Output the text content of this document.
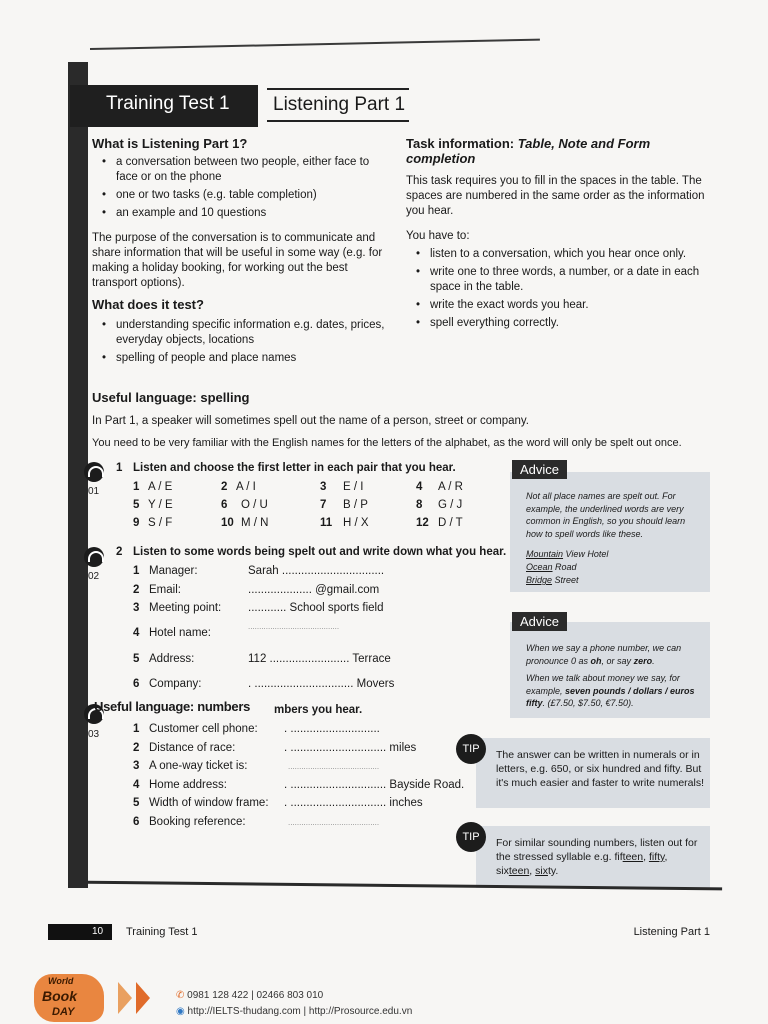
Training Test 1 Listening Part 1
What is Listening Part 1?
• a conversation between two people, either face to face or on the phone
• one or two tasks (e.g. table completion)
• an example and 10 questions

The purpose of the conversation is to communicate and share information that will be useful in some way (e.g. for making a holiday booking, for working out the best transport options).

What does it test?
• understanding specific information e.g. dates, prices, everyday objects, locations
• spelling of people and place names
Task information: Table, Note and Form completion

This task requires you to fill in the spaces in the table. The spaces are numbered in the same order as the information you hear.

You have to:

• listen to a conversation, which you hear once only.
• write one to three words, a number, or a date in each space in the table.
• write the exact words you hear.
• spell everything correctly.
Useful language: spelling

In Part 1, a speaker will sometimes spell out the name of a person, street or company.

You need to be very familiar with the English names for the letters of the alphabet, as the word will only be spelt out once.

01
1 Listen and choose the first letter in each pair that you hear.
1 A / E	2 A / I	3 E / I	4 A / R
5 Y / E	6 O / U	7 B / P	8 G / J
9 S / F	10 M / N	11 H / X	12 D / T
02
2 Listen to some words being spelt out and write down what you hear.
1 Manager:	Sarah ................................
2 Email:	.................... @gmail.com
3 Meeting point: ............ School sports field
4 Hotel name:
.........................................
5 Address:	112 ......................... Terrace
6 Company:	. ............................... Movers
03
Useful language: numbers mbers you hear.
1 Customer cell phone: . ............................
2 Distance of race:	. .............................. miles
3 A one-way ticket is:	.........................................
4 Home address:	. .............................. Bayside Road.
5 Width of window frame: . .............................. inches
6 Booking reference:	.........................................
Advice
Not all place names are spelt out. For example, the underlined words are very common in English, so you should learn how to spell words like these.
Mountain View Hotel
Ocean Road
Bridge Street
Advice
When we say a phone number, we can pronounce 0 as oh, or say zero.
When we talk about money we say, for example, seven pounds / dollars / euros fifty. (£7.50, $7.50, €7.50).
TIP	The answer can be written in numerals or in letters, e.g. 650, or six hundred and fifty. But it's much easier and faster to write numerals!
TIP	For similar sounding numbers, listen out for the stressed syllable e.g. fifteen, fifty, sixteen, sixty.
10 Training Test 1	Listening Part 1
World
Book
DAY
✆ 0981 128 422 | 02466 803 010
◉ http://IELTS-thudang.com | http://Prosource.edu.vn
